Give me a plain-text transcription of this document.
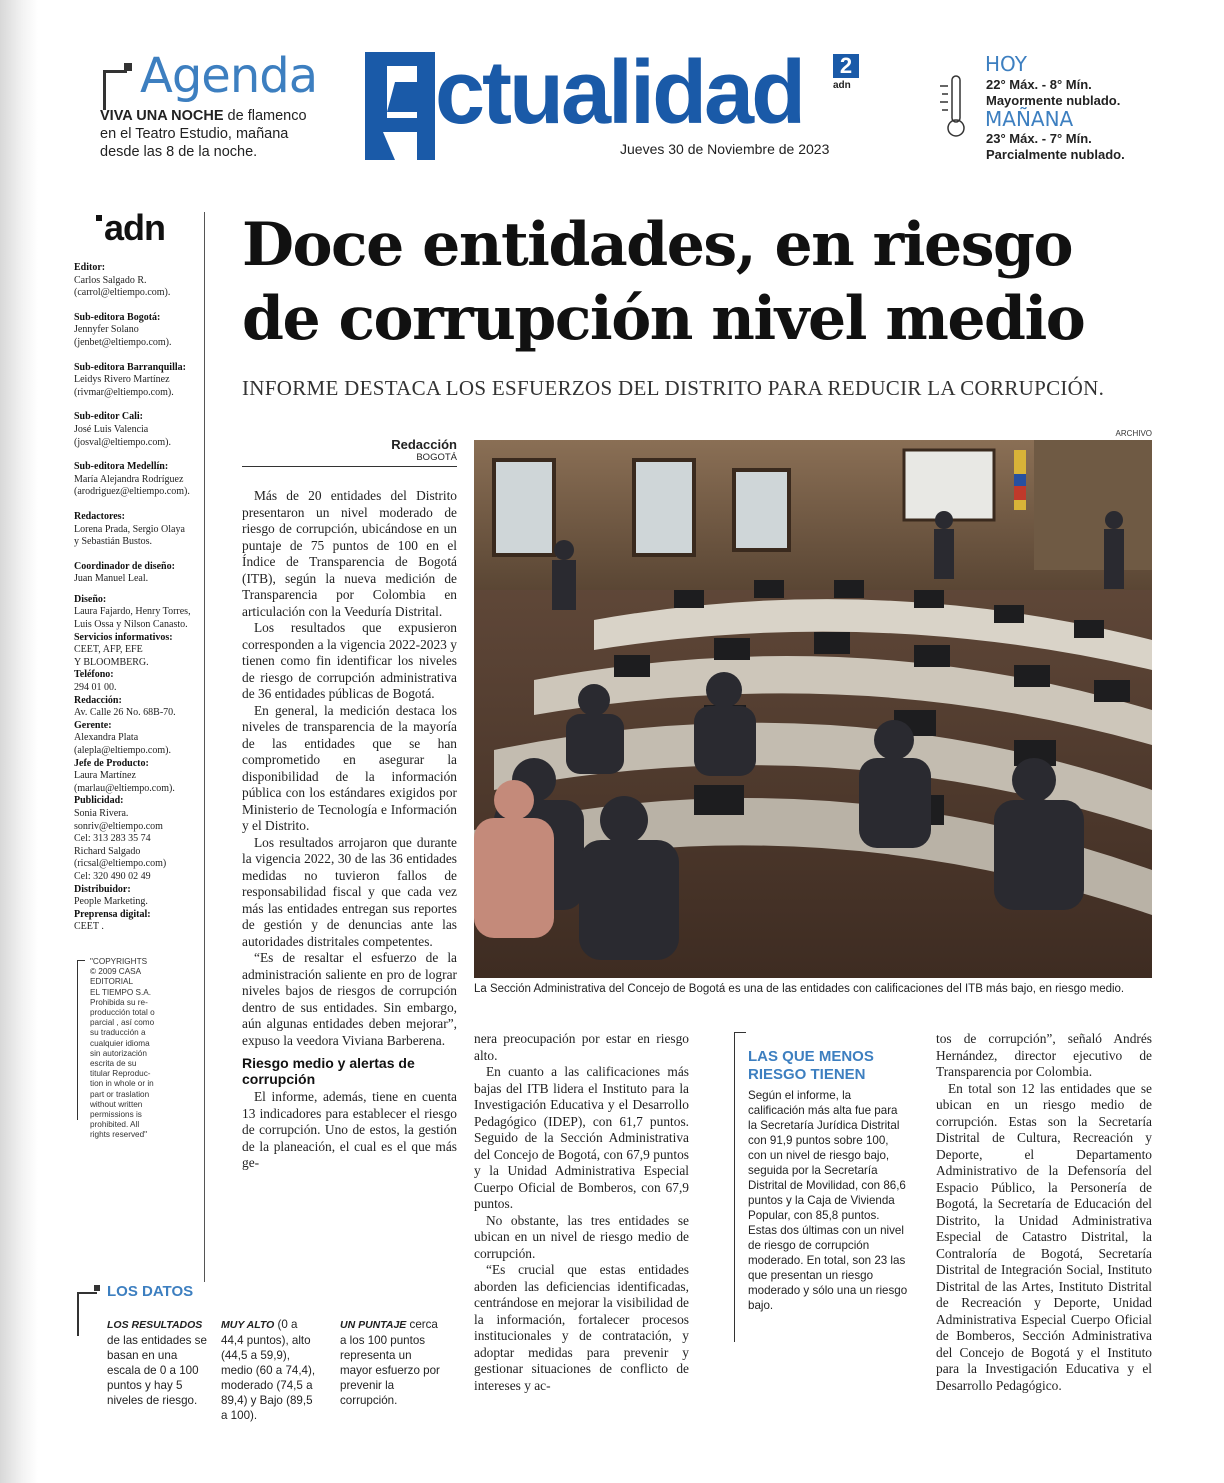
Agenda
VIVA UNA NOCHE de flamenco en el Teatro Estudio, mañana desde las 8 de la noche.
ctualidad	2
adn
Jueves 30 de Noviembre de 2023
HOY
22° Máx. - 8° Mín.
Mayormente nublado.
MAÑANA
23° Máx. - 7° Mín.
Parcialmente nublado.
adn
Editor:
Carlos Salgado R.
(carrol@eltiempo.com).
Sub-editora Bogotá:
Jennyfer Solano
(jenbet@eltiempo.com).
Sub-editora Barranquilla:
Leidys Rivero Martínez
(rivmar@eltiempo.com).
Sub-editor Cali:
José Luis Valencia
(josval@eltiempo.com).
Sub-editora Medellín:
María Alejandra Rodríguez
(arodriguez@eltiempo.com).
Redactores:
Lorena Prada, Sergio Olaya
y Sebastián Bustos.
Coordinador de diseño:
Juan Manuel Leal.
Diseño:
Laura Fajardo, Henry Torres,
Luis Ossa y Nilson Canasto.
Servicios informativos:
CEET, AFP, EFE
Y BLOOMBERG.
Teléfono:
294 01 00.
Redacción:
Av. Calle 26 No. 68B-70.
Gerente:
Alexandra Plata
(alepla@eltiempo.com).
Jefe de Producto:
Laura Martínez
(marlau@eltiempo.com).
Publicidad:
Sonia Rivera.
sonriv@eltiempo.com
Cel: 313 283 35 74
Richard Salgado
(ricsal@eltiempo.com)
Cel: 320 490 02 49
Distribuidor:
People Marketing.
Preprensa digital:
CEET .
"COPYRIGHTS
© 2009 CASA
EDITORIAL
EL TIEMPO S.A.
Prohibida su re-
producción total o
parcial , así como
su traducción a
cualquier idioma
sin autorización
escrita de su
titular Reproduc-
tion in whole or in
part or traslation
without written
permissions is
prohibited. All
rights reserved"
Doce entidades, en riesgo
de corrupción nivel medio
INFORME DESTACA LOS ESFUERZOS DEL DISTRITO PARA REDUCIR LA CORRUPCIÓN.
Redacción
BOGOTÁ

Más de 20 entidades del Distrito presentaron un nivel moderado de riesgo de corrupción, ubicándose en un puntaje de 75 puntos de 100 en el Índice de Transparencia de Bogotá (ITB), según la nueva medición de Transparencia por Colombia en articulación con la Veeduría Distrital.

Los resultados que expusieron corresponden a la vigencia 2022-2023 y tienen como fin identificar los niveles de riesgo de corrupción administrativa de 36 entidades públicas de Bogotá.

En general, la medición destaca los niveles de transparencia de la mayoría de las entidades que se han comprometido en asegurar la disponibilidad de la información pública con los estándares exigidos por Ministerio de Tecnología e Información y el Distrito.

Los resultados arrojaron que durante la vigencia 2022, 30 de las 36 entidades medidas no tuvieron fallos de responsabilidad fiscal y que cada vez más las entidades entregan sus reportes de gestión y de denuncias ante las autoridades distritales competentes.

“Es de resaltar el esfuerzo de la administración saliente en pro de lograr niveles bajos de riesgos de corrupción dentro de sus entidades. Sin embargo, aún algunas entidades deben mejorar”, expuso la veedora Viviana Barberena.

Riesgo medio y alertas de corrupción

El informe, además, tiene en cuenta 13 indicadores para establecer el riesgo de corrupción. Uno de estos, la gestión de la planeación, el cual es el que más ge-

ARCHIVO
La Sección Administrativa del Concejo de Bogotá es una de las entidades con calificaciones del ITB más bajo, en riesgo medio.

nera preocupación por estar en riesgo alto.

En cuanto a las calificaciones más bajas del ITB lidera el Instituto para la Investigación Educativa y el Desarrollo Pedagógico (IDEP), con 61,7 puntos. Seguido de la Sección Administrativa del Concejo de Bogotá, con 67,9 puntos y la Unidad Administrativa Especial Cuerpo Oficial de Bomberos, con 67,9 puntos.

No obstante, las tres entidades se ubican en un nivel de riesgo medio de corrupción.

“Es crucial que estas entidades aborden las deficiencias identificadas, centrándose en mejorar la visibilidad de la información, fortalecer procesos institucionales y de contratación, y adoptar medidas para prevenir y gestionar situaciones de conflicto de intereses y ac-

LAS QUE MENOS RIESGO TIENEN
Según el informe, la calificación más alta fue para la Secretaría Jurídica Distrital con 91,9 puntos sobre 100, con un nivel de riesgo bajo, seguida por la Secretaría Distrital de Movilidad, con 86,6 puntos y la Caja de Vivienda Popular, con 85,8 puntos. Estas dos últimas con un nivel de riesgo de corrupción moderado. En total, son 23 las que presentan un riesgo moderado y sólo una un riesgo bajo.

tos de corrupción”, señaló Andrés Hernández, director ejecutivo de Transparencia por Colombia.

En total son 12 las entidades que se ubican en un riesgo medio de corrupción. Estas son la Secretaría Distrital de Cultura, Recreación y Deporte, el Departamento Administrativo de la Defensoría del Espacio Público, la Personería de Bogotá, la Secretaría de Educación del Distrito, la Unidad Administrativa Especial de Catastro Distrital, la Contraloría de Bogotá, Secretaría Distrital de Integración Social, Instituto Distrital de las Artes, Instituto Distrital de Recreación y Deporte, Unidad Administrativa Especial Cuerpo Oficial de Bomberos, Sección Administrativa del Concejo de Bogotá y el Instituto para la Investigación Educativa y el Desarrollo Pedagógico.

LOS DATOS
LOS RESULTADOS de las entidades se basan en una escala de 0 a 100 puntos y hay 5 niveles de riesgo.
MUY ALTO (0 a 44,4 puntos), alto (44,5 a 59,9), medio (60 a 74,4), moderado (74,5 a 89,4) y Bajo (89,5 a 100).
UN PUNTAJE cerca a los 100 puntos representa un mayor esfuerzo por prevenir la corrupción.
